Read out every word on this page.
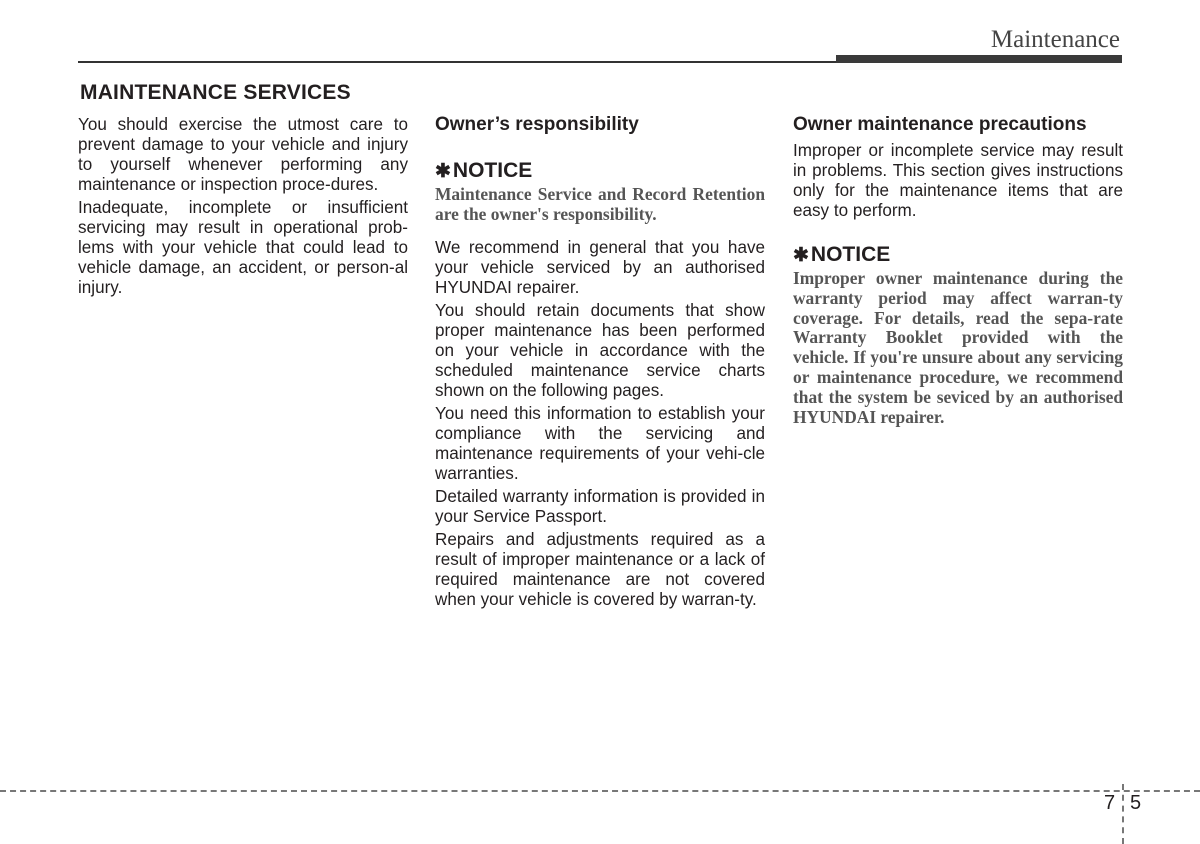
Maintenance
MAINTENANCE SERVICES

You should exercise the utmost care to prevent damage to your vehicle and injury to yourself whenever performing any maintenance or inspection proce-dures.

Inadequate, incomplete or insufficient servicing may result in operational prob-lems with your vehicle that could lead to vehicle damage, an accident, or person-al injury.

Owner’s responsibility
✱NOTICE
Maintenance Service and Record Retention are the owner's responsibility.

We recommend in general that you have your vehicle serviced by an authorised HYUNDAI repairer.

You should retain documents that show proper maintenance has been performed on your vehicle in accordance with the scheduled maintenance service charts shown on the following pages.

You need this information to establish your compliance with the servicing and maintenance requirements of your vehi-cle warranties.

Detailed warranty information is provided in your Service Passport.

Repairs and adjustments required as a result of improper maintenance or a lack of required maintenance are not covered when your vehicle is covered by warran-ty.

Owner maintenance precautions

Improper or incomplete service may result in problems. This section gives instructions only for the maintenance items that are easy to perform.

✱NOTICE
Improper owner maintenance during the warranty period may affect warran-ty coverage. For details, read the sepa-rate Warranty Booklet provided with the vehicle. If you're unsure about any servicing or maintenance procedure, we recommend that the system be seviced by an authorised HYUNDAI repairer.
7 5
